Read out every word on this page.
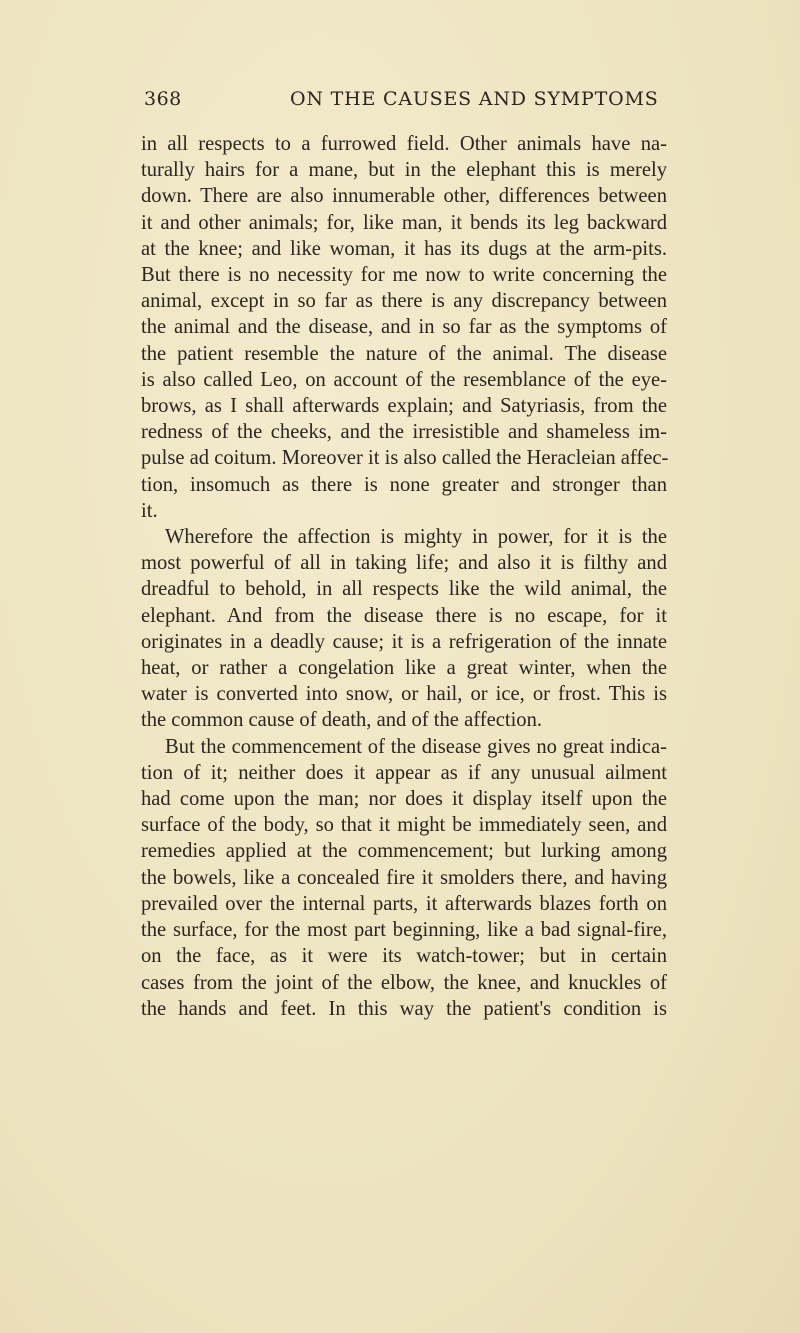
368	ON THE CAUSES AND SYMPTOMS

in all respects to a furrowed field. Other animals have na-
turally hairs for a mane, but in the elephant this is merely
down. There are also innumerable other, differences between
it and other animals; for, like man, it bends its leg backward
at the knee; and like woman, it has its dugs at the arm-pits.
But there is no necessity for me now to write concerning the
animal, except in so far as there is any discrepancy between
the animal and the disease, and in so far as the symptoms of
the patient resemble the nature of the animal. The disease
is also called Leo, on account of the resemblance of the eye-
brows, as I shall afterwards explain; and Satyriasis, from the
redness of the cheeks, and the irresistible and shameless im-
pulse ad coitum. Moreover it is also called the Heracleian affec-
tion, insomuch as there is none greater and stronger than
it.

Wherefore the affection is mighty in power, for it is the
most powerful of all in taking life; and also it is filthy and
dreadful to behold, in all respects like the wild animal, the
elephant. And from the disease there is no escape, for it
originates in a deadly cause; it is a refrigeration of the innate
heat, or rather a congelation like a great winter, when the
water is converted into snow, or hail, or ice, or frost. This is
the common cause of death, and of the affection.

But the commencement of the disease gives no great indica-
tion of it; neither does it appear as if any unusual ailment
had come upon the man; nor does it display itself upon the
surface of the body, so that it might be immediately seen, and
remedies applied at the commencement; but lurking among
the bowels, like a concealed fire it smolders there, and having
prevailed over the internal parts, it afterwards blazes forth on
the surface, for the most part beginning, like a bad signal-fire,
on the face, as it were its watch-tower; but in certain
cases from the joint of the elbow, the knee, and knuckles of
the hands and feet. In this way the patient's condition is
